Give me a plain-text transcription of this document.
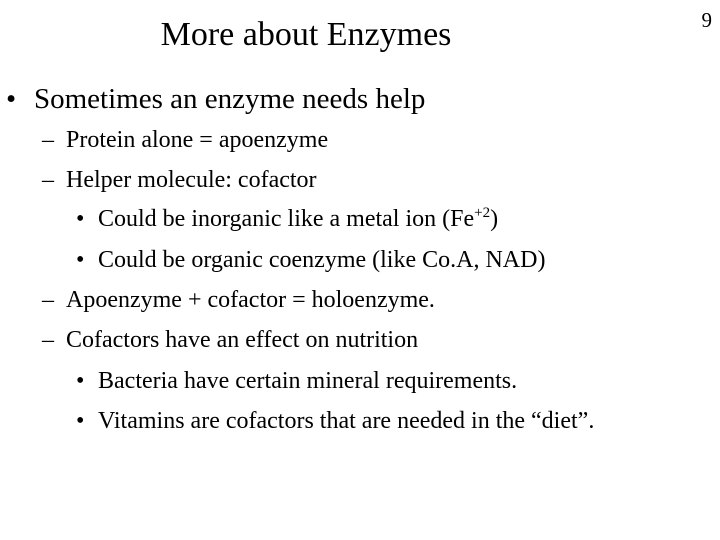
More about Enzymes	9
• Sometimes an enzyme needs help
– Protein alone = apoenzyme
– Helper molecule: cofactor
• Could be inorganic like a metal ion $(Fe^{+2})$
• Could be organic coenzyme (like Co.A, NAD)
– Apoenzyme + cofactor = holoenzyme.
– Cofactors have an effect on nutrition
• Bacteria have certain mineral requirements.
• Vitamins are cofactors that are needed in the “diet”.
